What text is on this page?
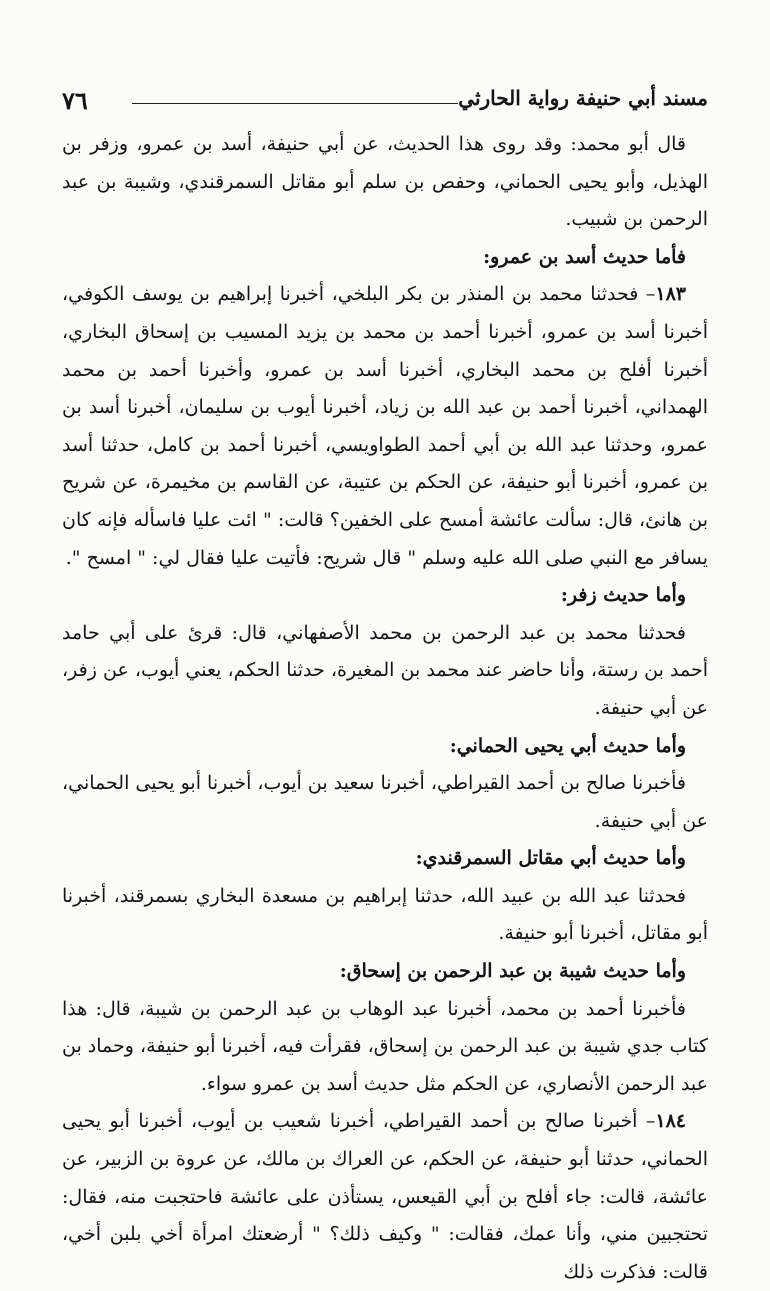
مسند أبي حنيفة رواية الحارثي
٧٦

قال أبو محمد: وقد روى هذا الحديث، عن أبي حنيفة، أسد بن عمرو، وزفر بن الهذيل، وأبو يحيى الحماني، وحفص بن سلم أبو مقاتل السمرقندي، وشيبة بن عبد الرحمن بن شبيب.

فأما حديث أسد بن عمرو:

١٨٣– فحدثنا محمد بن المنذر بن بكر البلخي، أخبرنا إبراهيم بن يوسف الكوفي، أخبرنا أسد بن عمرو، أخبرنا أحمد بن محمد بن يزيد المسيب بن إسحاق البخاري، أخبرنا أفلح بن محمد البخاري، أخبرنا أسد بن عمرو، وأخبرنا أحمد بن محمد الهمداني، أخبرنا أحمد بن عبد الله بن زياد، أخبرنا أيوب بن سليمان، أخبرنا أسد بن عمرو، وحدثنا عبد الله بن أبي أحمد الطواويسي، أخبرنا أحمد بن كامل، حدثنا أسد بن عمرو، أخبرنا أبو حنيفة، عن الحكم بن عتيبة، عن القاسم بن مخيمرة، عن شريح بن هانئ، قال: سألت عائشة أمسح على الخفين؟ قالت: " ائت عليا فاسأله فإنه كان يسافر مع النبي صلى الله عليه وسلم " قال شريح: فأتيت عليا فقال لي: " امسح ".

وأما حديث زفر:

فحدثنا محمد بن عبد الرحمن بن محمد الأصفهاني، قال: قرئ على أبي حامد أحمد بن رستة، وأنا حاضر عند محمد بن المغيرة، حدثنا الحكم، يعني أيوب، عن زفر، عن أبي حنيفة.

وأما حديث أبي يحيى الحماني:

فأخبرنا صالح بن أحمد القيراطي، أخبرنا سعيد بن أيوب، أخبرنا أبو يحيى الحماني، عن أبي حنيفة.

وأما حديث أبي مقاتل السمرقندي:

فحدثنا عبد الله بن عبيد الله، حدثنا إبراهيم بن مسعدة البخاري بسمرقند، أخبرنا أبو مقاتل، أخبرنا أبو حنيفة.

وأما حديث شيبة بن عبد الرحمن بن إسحاق:

فأخبرنا أحمد بن محمد، أخبرنا عبد الوهاب بن عبد الرحمن بن شيبة، قال: هذا كتاب جدي شيبة بن عبد الرحمن بن إسحاق، فقرأت فيه، أخبرنا أبو حنيفة، وحماد بن عبد الرحمن الأنصاري، عن الحكم مثل حديث أسد بن عمرو سواء.

١٨٤– أخبرنا صالح بن أحمد القيراطي، أخبرنا شعيب بن أيوب، أخبرنا أبو يحيى الحماني، حدثنا أبو حنيفة، عن الحكم، عن العراك بن مالك، عن عروة بن الزبير، عن عائشة، قالت: جاء أفلح بن أبي القيعس، يستأذن على عائشة فاحتجبت منه، فقال: تحتجبين مني، وأنا عمك، فقالت: " وكيف ذلك؟ " أرضعتك امرأة أخي بلبن أخي، قالت: فذكرت ذلك
